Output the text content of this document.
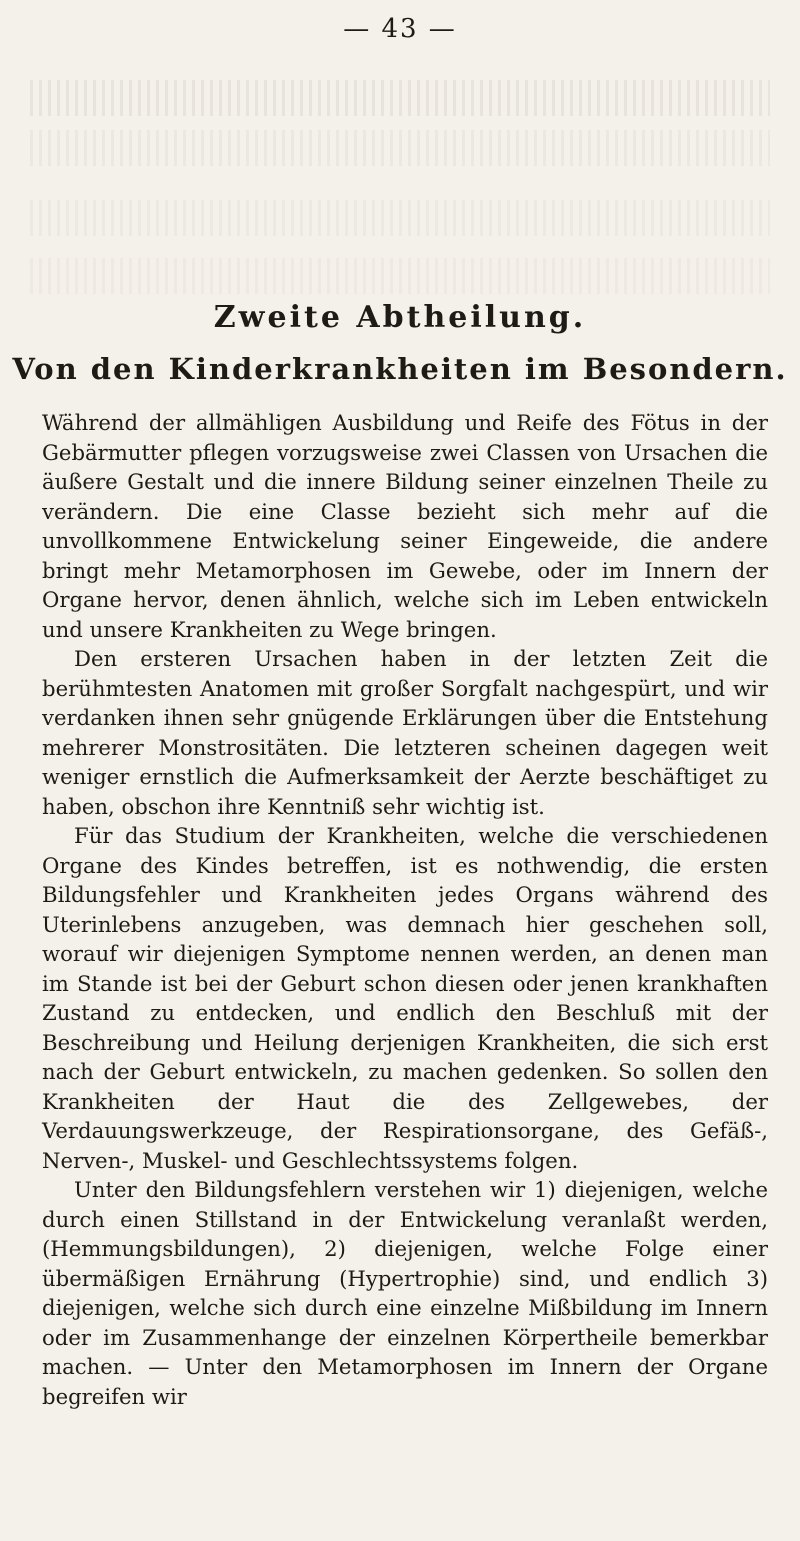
— 43 —
Zweite Abtheilung.
Von den Kinderkrankheiten im Besondern.

Während der allmähligen Ausbildung und Reife des Fötus in der Gebärmutter pflegen vorzugsweise zwei Classen von Ursachen die äußere Gestalt und die innere Bildung seiner einzelnen Theile zu verändern. Die eine Classe bezieht sich mehr auf die unvollkommene Entwickelung seiner Eingeweide, die andere bringt mehr Metamorphosen im Gewebe, oder im Innern der Organe hervor, denen ähnlich, welche sich im Leben entwickeln und unsere Krankheiten zu Wege bringen.

Den ersteren Ursachen haben in der letzten Zeit die berühmtesten Anatomen mit großer Sorgfalt nachgespürt, und wir verdanken ihnen sehr gnügende Erklärungen über die Entstehung mehrerer Monstrositäten. Die letzteren scheinen dagegen weit weniger ernstlich die Aufmerksamkeit der Aerzte beschäftiget zu haben, obschon ihre Kenntniß sehr wichtig ist.

Für das Studium der Krankheiten, welche die verschiedenen Organe des Kindes betreffen, ist es nothwendig, die ersten Bildungsfehler und Krankheiten jedes Organs während des Uterinlebens anzugeben, was demnach hier geschehen soll, worauf wir diejenigen Symptome nennen werden, an denen man im Stande ist bei der Geburt schon diesen oder jenen krankhaften Zustand zu entdecken, und endlich den Beschluß mit der Beschreibung und Heilung derjenigen Krankheiten, die sich erst nach der Geburt entwickeln, zu machen gedenken. So sollen den Krankheiten der Haut die des Zellgewebes, der Verdauungswerkzeuge, der Respirationsorgane, des Gefäß-, Nerven-, Muskel- und Geschlechtssystems folgen.

Unter den Bildungsfehlern verstehen wir 1) diejenigen, welche durch einen Stillstand in der Entwickelung veranlaßt werden, (Hemmungsbildungen), 2) diejenigen, welche Folge einer übermäßigen Ernährung (Hypertrophie) sind, und endlich 3) diejenigen, welche sich durch eine einzelne Mißbildung im Innern oder im Zusammenhange der einzelnen Körpertheile bemerkbar machen. — Unter den Metamorphosen im Innern der Organe begreifen wir
